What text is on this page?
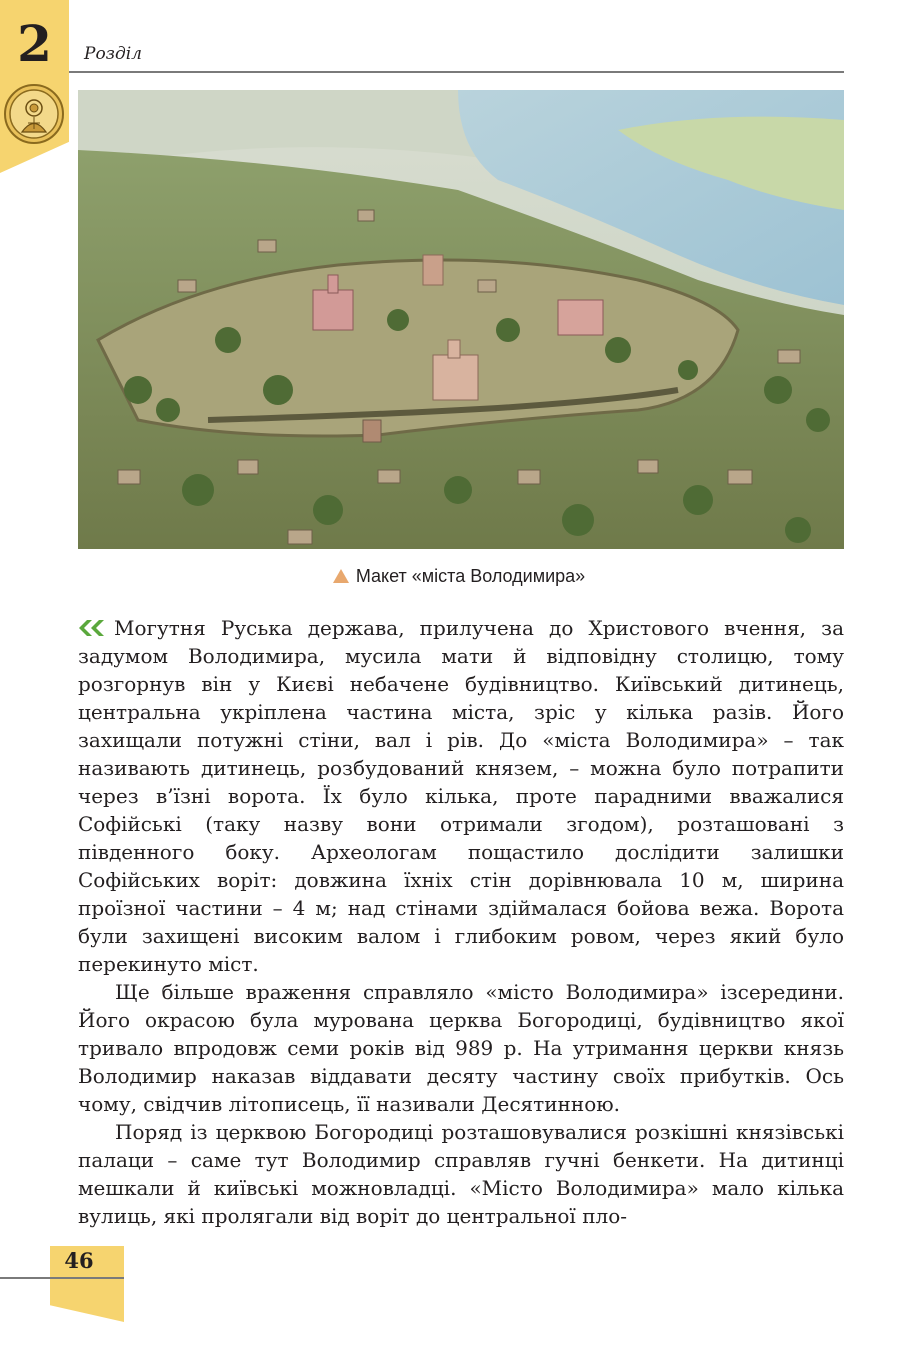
2	Розділ
Макет «міста Володимира»

Могутня Руська держава, прилучена до Христового вчення, за задумом Володимира, мусила мати й відповідну столицю, тому розгорнув він у Києві небачене будівництво. Київський дитинець, центральна укріплена частина міста, зріс у кілька разів. Його захищали потужні стіни, вал і рів. До «міста Володимира» – так називають дитинець, розбудований князем, – можна було потрапити через в’їзні ворота. Їх було кілька, проте парадними вважалися Софійські (таку назву вони отримали згодом), розташовані з південного боку. Археологам пощастило дослідити залишки Софійських воріт: довжина їхніх стін дорівнювала 10 м, ширина проїзної частини – 4 м; над стінами здіймалася бойова вежа. Ворота були захищені високим валом і глибоким ровом, через який було перекинуто міст.

Ще більше враження справляло «місто Володимира» ізсередини. Його окрасою була мурована церква Богородиці, будівництво якої тривало впродовж семи років від 989 р. На утримання церкви князь Володимир наказав віддавати десяту частину своїх прибутків. Ось чому, свідчив літописець, її називали Десятинною.

Поряд із церквою Богородиці розташовувалися розкішні князівські палаци – саме тут Володимир справляв гучні бенкети. На дитинці мешкали й київські можновладці. «Місто Володимира» мало кілька вулиць, які пролягали від воріт до центральної пло-

46
